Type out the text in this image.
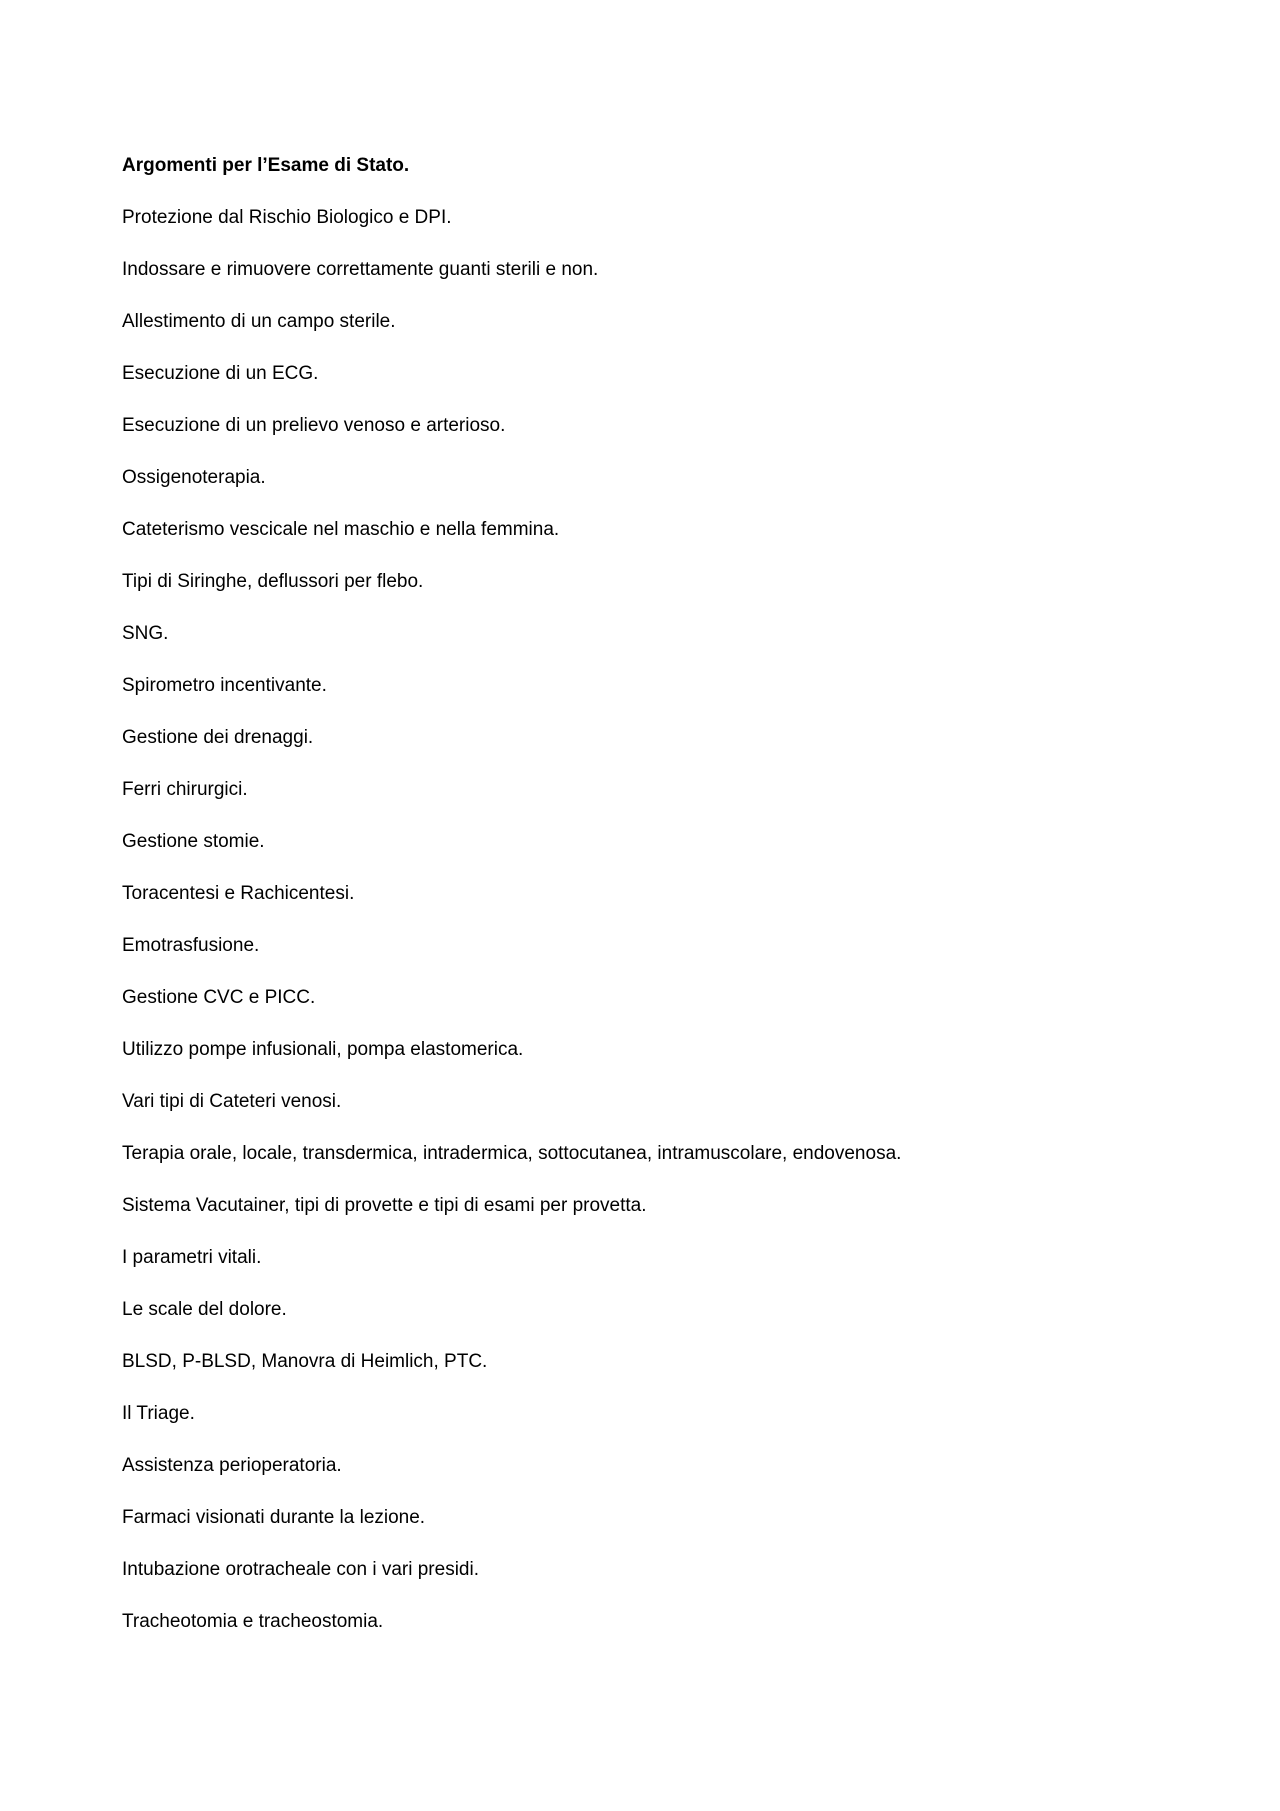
Argomenti per l’Esame di Stato.
Protezione dal Rischio Biologico e DPI.
Indossare e rimuovere correttamente guanti sterili e non.
Allestimento di un campo sterile.
Esecuzione di un ECG.
Esecuzione di un prelievo venoso e arterioso.
Ossigenoterapia.
Cateterismo vescicale nel maschio e nella femmina.
Tipi di Siringhe, deflussori per flebo.
SNG.
Spirometro incentivante.
Gestione dei drenaggi.
Ferri chirurgici.
Gestione stomie.
Toracentesi e Rachicentesi.
Emotrasfusione.
Gestione CVC e PICC.
Utilizzo pompe infusionali, pompa elastomerica.
Vari tipi di Cateteri venosi.
Terapia orale, locale, transdermica, intradermica, sottocutanea, intramuscolare, endovenosa.
Sistema Vacutainer, tipi di provette e tipi di esami per provetta.
I parametri vitali.
Le scale del dolore.
BLSD, P-BLSD, Manovra di Heimlich, PTC.
Il Triage.
Assistenza perioperatoria.
Farmaci visionati durante la lezione.
Intubazione orotracheale con i vari presidi.
Tracheotomia e tracheostomia.
